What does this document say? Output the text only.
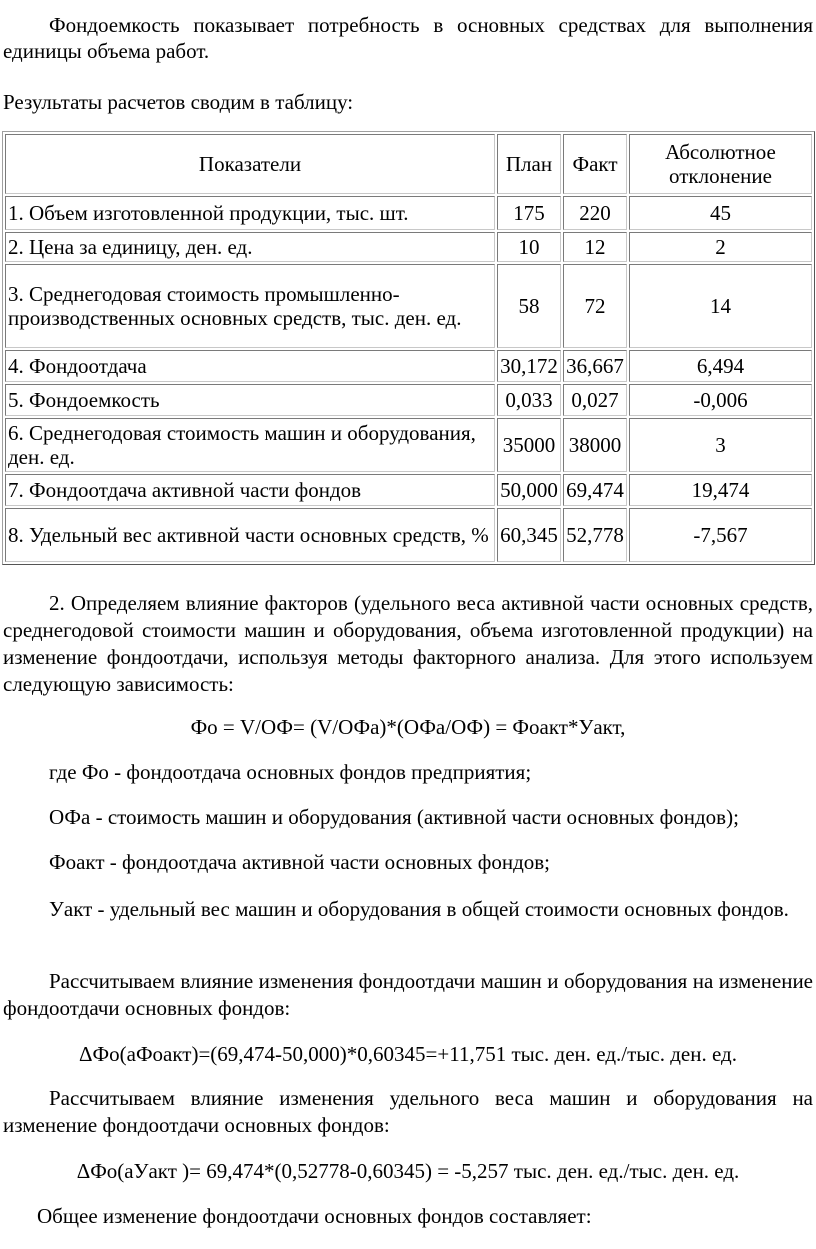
Фондоемкость показывает потребность в основных средствах для выполнения единицы объема работ.

Результаты расчетов сводим в таблицу:

Показатели	План	Факт	Абсолютное отклонение
1. Объем изготовленной продукции, тыс. шт.	175	220	45
2. Цена за единицу, ден. ед.	10	12	2
3. Среднегодовая стоимость промышленно-производственных основных средств, тыс. ден. ед.	58	72	14
4. Фондоотдача	30,172	36,667	6,494
5. Фондоемкость	0,033	0,027	-0,006
6. Среднегодовая стоимость машин и оборудования, ден. ед.	35000	38000	3
7. Фондоотдача активной части фондов	50,000	69,474	19,474
8. Удельный вес активной части основных средств, %	60,345	52,778	-7,567

2. Определяем влияние факторов (удельного веса активной части основных средств, среднегодовой стоимости машин и оборудования, объема изготовленной продукции) на изменение фондоотдачи, используя методы факторного анализа. Для этого используем следующую зависимость:

Фо = V/ОФ= (V/ОФа)*(ОФа/ОФ) = Фоакт*Уакт,

где Фо - фондоотдача основных фондов предприятия;

ОФа - стоимость машин и оборудования (активной части основных фондов);

Фоакт - фондоотдача активной части основных фондов;

Уакт - удельный вес машин и оборудования в общей стоимости основных фондов.

Рассчитываем влияние изменения фондоотдачи машин и оборудования на изменение фондоотдачи основных фондов:

ΔФо(аФоакт)=(69,474-50,000)*0,60345=+11,751 тыс. ден. ед./тыс. ден. ед.

Рассчитываем влияние изменения удельного веса машин и оборудования на изменение фондоотдачи основных фондов:

ΔФо(аУакт )= 69,474*(0,52778-0,60345) = -5,257 тыс. ден. ед./тыс. ден. ед.

Общее изменение фондоотдачи основных фондов составляет:
